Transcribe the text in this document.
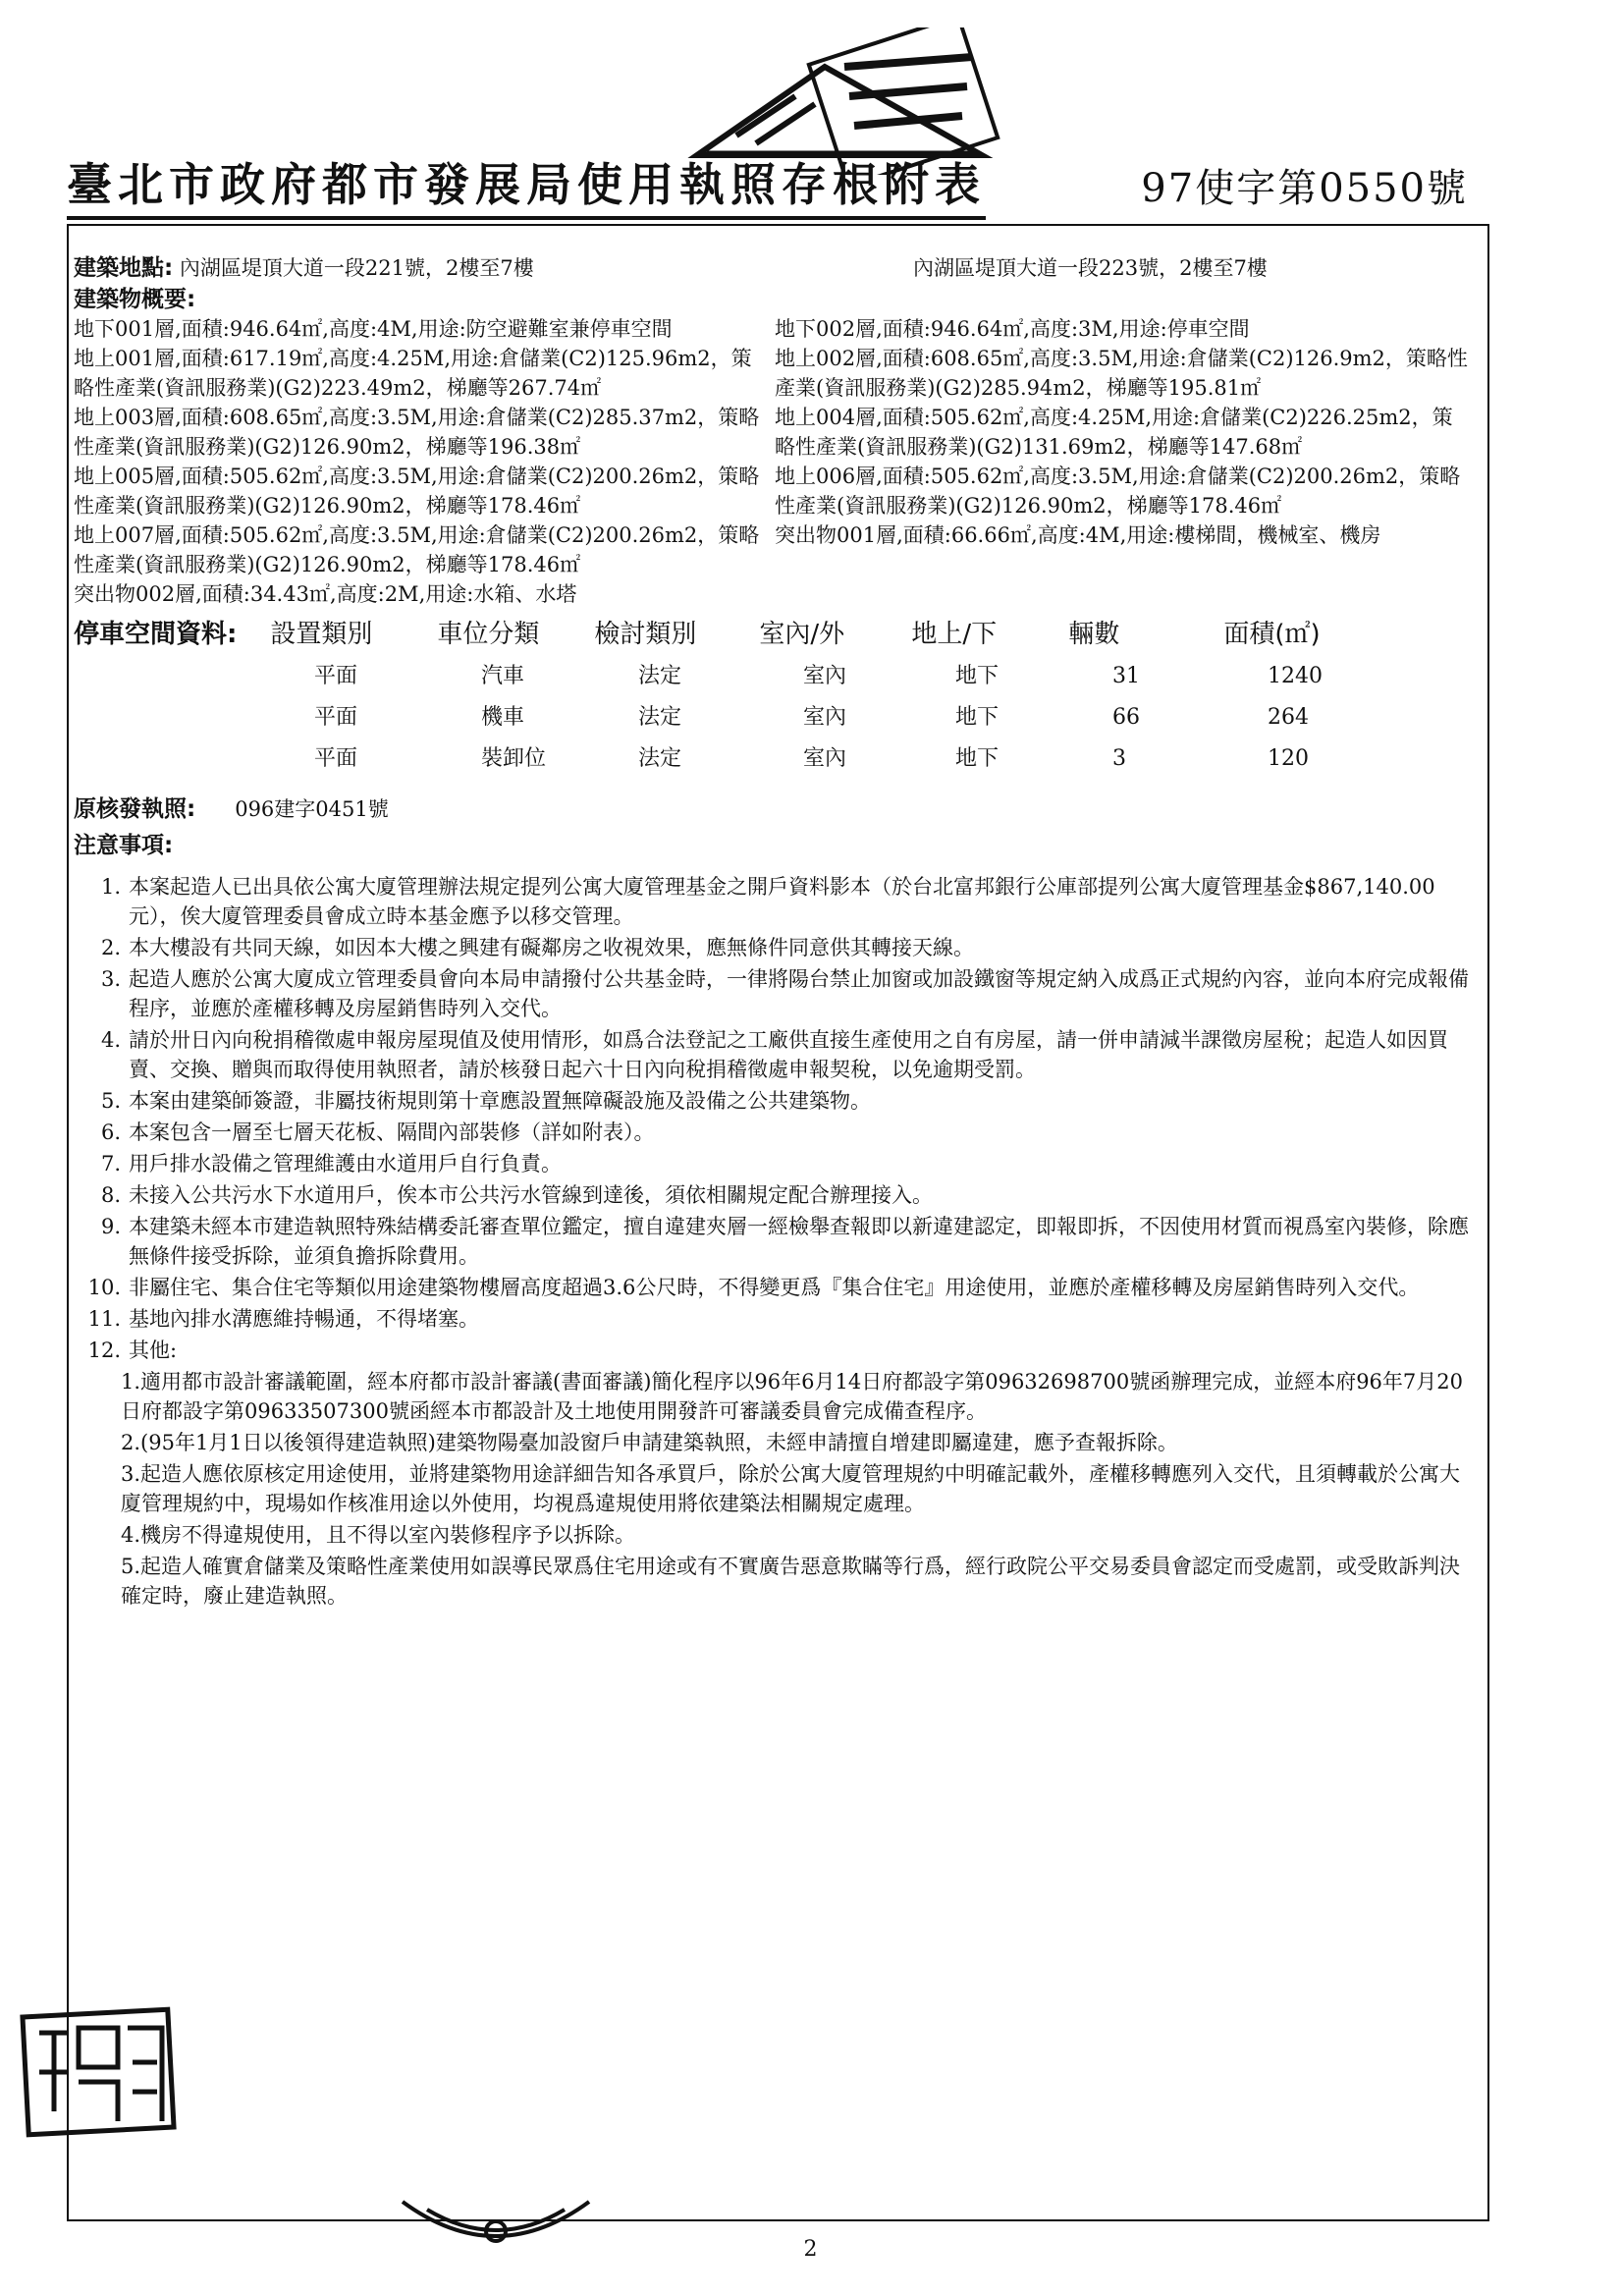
臺北市政府都市發展局使用執照存根附表	97使字第0550號
建築地點: 內湖區堤頂大道一段221號，2樓至7樓	內湖區堤頂大道一段223號，2樓至7樓
建築物概要:
地下001層,面積:946.64㎡,高度:4M,用途:防空避難室兼停車空間	地下002層,面積:946.64㎡,高度:3M,用途:停車空間
地上001層,面積:617.19㎡,高度:4.25M,用途:倉儲業(C2)125.96m2，策略性產業(資訊服務業)(G2)223.49m2，梯廳等267.74㎡
地上002層,面積:608.65㎡,高度:3.5M,用途:倉儲業(C2)126.9m2，策略性產業(資訊服務業)(G2)285.94m2，梯廳等195.81㎡
地上003層,面積:608.65㎡,高度:3.5M,用途:倉儲業(C2)285.37m2，策略性產業(資訊服務業)(G2)126.90m2，梯廳等196.38㎡
地上004層,面積:505.62㎡,高度:4.25M,用途:倉儲業(C2)226.25m2，策略性產業(資訊服務業)(G2)131.69m2，梯廳等147.68㎡
地上005層,面積:505.62㎡,高度:3.5M,用途:倉儲業(C2)200.26m2，策略性產業(資訊服務業)(G2)126.90m2，梯廳等178.46㎡
地上006層,面積:505.62㎡,高度:3.5M,用途:倉儲業(C2)200.26m2，策略性產業(資訊服務業)(G2)126.90m2，梯廳等178.46㎡
地上007層,面積:505.62㎡,高度:3.5M,用途:倉儲業(C2)200.26m2，策略性產業(資訊服務業)(G2)126.90m2，梯廳等178.46㎡
突出物001層,面積:66.66㎡,高度:4M,用途:樓梯間，機械室、機房
突出物002層,面積:34.43㎡,高度:2M,用途:水箱、水塔
停車空間資料: 設置類別	車位分類	檢討類別	室內/外	地上/下	輛數	面積(㎡)
平面	汽車	法定	室內	地下	31	1240
平面	機車	法定	室內	地下	66	264
平面	裝卸位	法定	室內	地下	3	120
原核發執照: 096建字0451號
注意事項:
1. 本案起造人已出具依公寓大廈管理辦法規定提列公寓大廈管理基金之開戶資料影本（於台北富邦銀行公庫部提列公寓大廈管理基金$867,140.00元），俟大廈管理委員會成立時本基金應予以移交管理。
2. 本大樓設有共同天線，如因本大樓之興建有礙鄰房之收視效果，應無條件同意供其轉接天線。
3. 起造人應於公寓大廈成立管理委員會向本局申請撥付公共基金時，一律將陽台禁止加窗或加設鐵窗等規定納入成爲正式規約內容，並向本府完成報備程序，並應於產權移轉及房屋銷售時列入交代。
4. 請於卅日內向稅捐稽徵處申報房屋現值及使用情形，如爲合法登記之工廠供直接生產使用之自有房屋，請一併申請減半課徵房屋稅；起造人如因買賣、交換、贈與而取得使用執照者，請於核發日起六十日內向稅捐稽徵處申報契稅，以免逾期受罰。
5. 本案由建築師簽證，非屬技術規則第十章應設置無障礙設施及設備之公共建築物。
6. 本案包含一層至七層天花板、隔間內部裝修（詳如附表）。
7. 用戶排水設備之管理維護由水道用戶自行負責。
8. 未接入公共污水下水道用戶，俟本市公共污水管線到達後，須依相關規定配合辦理接入。
9. 本建築未經本市建造執照特殊結構委託審查單位鑑定，擅自違建夾層一經檢舉查報即以新違建認定，即報即拆，不因使用材質而視爲室內裝修，除應無條件接受拆除，並須負擔拆除費用。
10. 非屬住宅、集合住宅等類似用途建築物樓層高度超過3.6公尺時，不得變更爲『集合住宅』用途使用，並應於產權移轉及房屋銷售時列入交代。
11. 基地內排水溝應維持暢通，不得堵塞。
12. 其他:
1.適用都市設計審議範圍，經本府都市設計審議(書面審議)簡化程序以96年6月14日府都設字第09632698700號函辦理完成，並經本府96年7月20日府都設字第09633507300號函經本市都設計及土地使用開發許可審議委員會完成備查程序。
2.(95年1月1日以後領得建造執照)建築物陽臺加設窗戶申請建築執照，未經申請擅自增建即屬違建，應予查報拆除。
3.起造人應依原核定用途使用，並將建築物用途詳細告知各承買戶，除於公寓大廈管理規約中明確記載外，產權移轉應列入交代，且須轉載於公寓大廈管理規約中，現場如作核准用途以外使用，均視爲違規使用將依建築法相關規定處理。
4.機房不得違規使用，且不得以室內裝修程序予以拆除。
5.起造人確實倉儲業及策略性產業使用如誤導民眾爲住宅用途或有不實廣告惡意欺瞞等行爲，經行政院公平交易委員會認定而受處罰，或受敗訴判決確定時，廢止建造執照。
2
